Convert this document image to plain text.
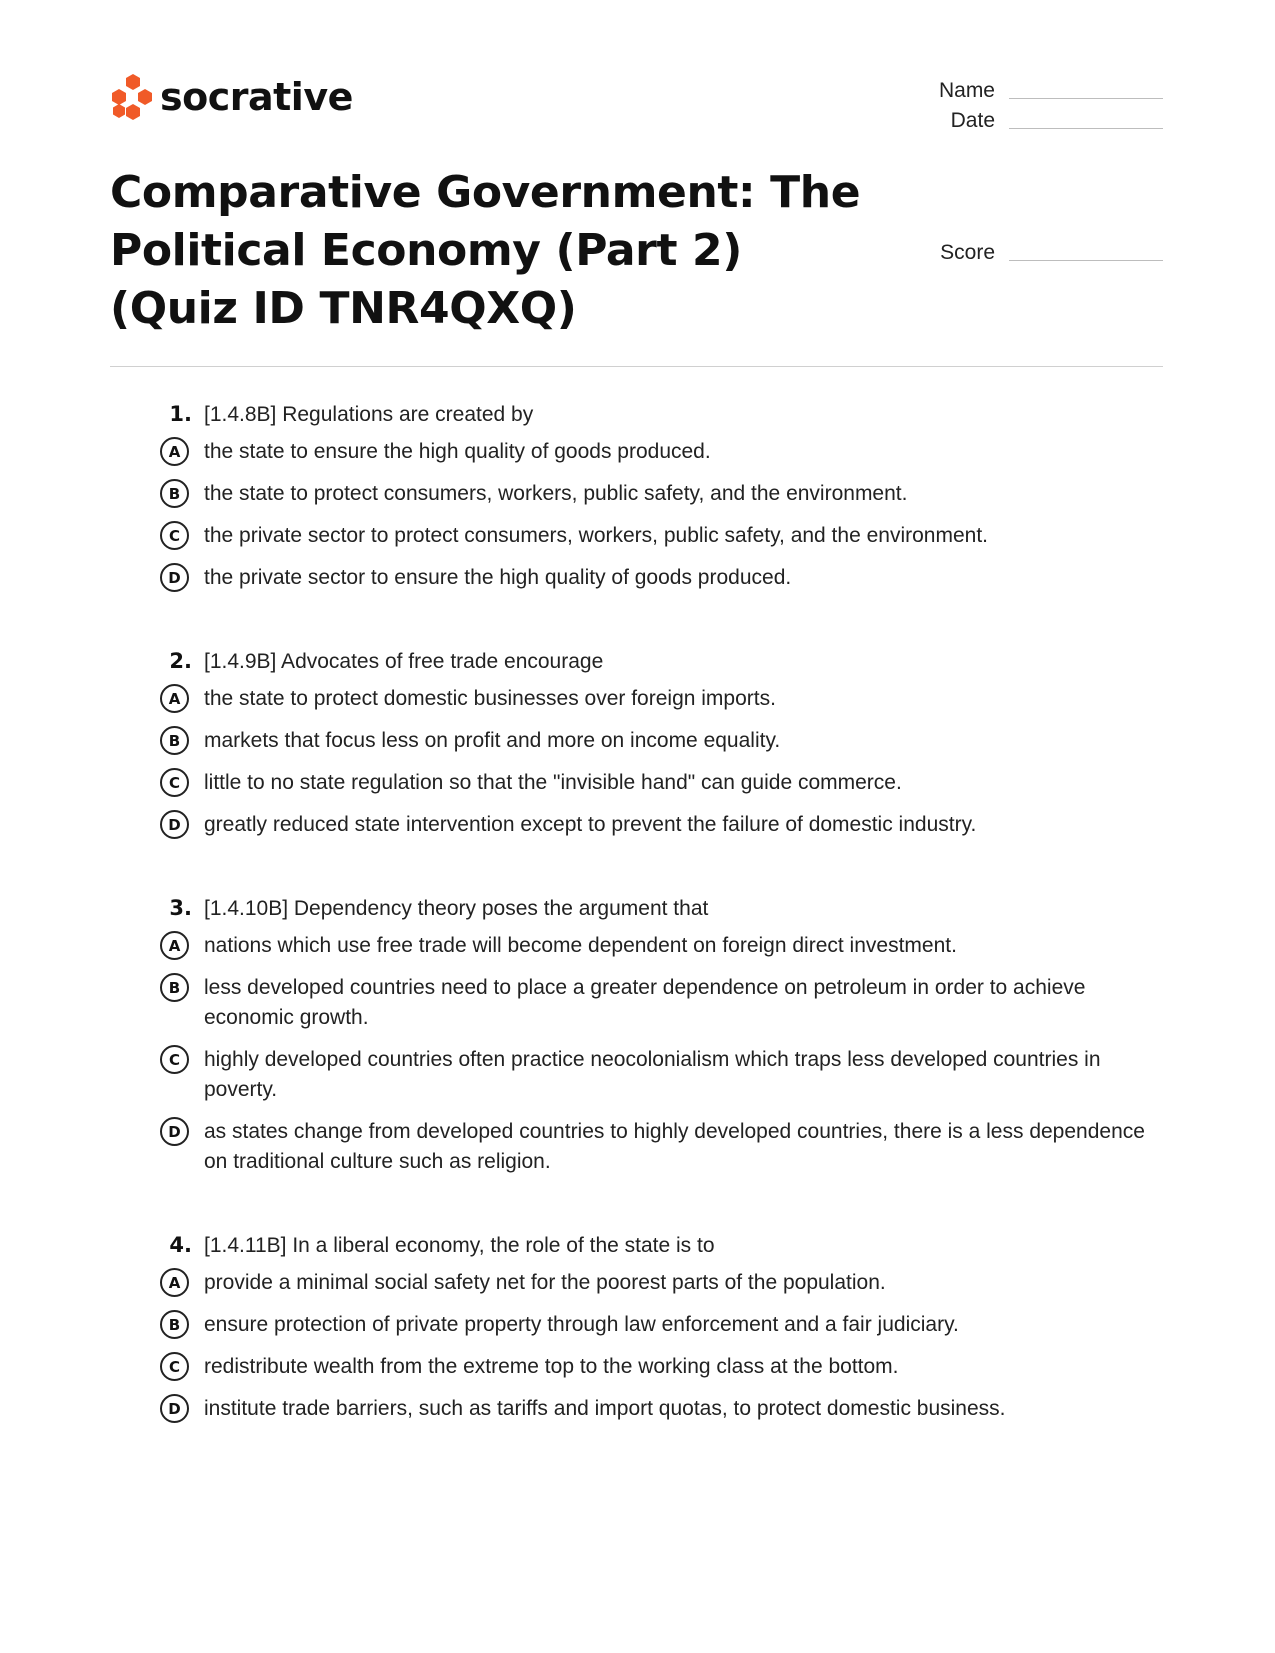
socrative	Name
Date
Score
Comparative Government: The Political Economy (Part 2) (Quiz ID TNR4QXQ)
1. [1.4.8B] Regulations are created by
A	the state to ensure the high quality of goods produced.
B	the state to protect consumers, workers, public safety, and the environment.
C	the private sector to protect consumers, workers, public safety, and the environment.
D	the private sector to ensure the high quality of goods produced.
2. [1.4.9B] Advocates of free trade encourage
A	the state to protect domestic businesses over foreign imports.
B	markets that focus less on profit and more on income equality.
C	little to no state regulation so that the "invisible hand" can guide commerce.
D	greatly reduced state intervention except to prevent the failure of domestic industry.
3. [1.4.10B] Dependency theory poses the argument that
A	nations which use free trade will become dependent on foreign direct investment.
B	less developed countries need to place a greater dependence on petroleum in order to achieve economic growth.
C	highly developed countries often practice neocolonialism which traps less developed countries in poverty.
D	as states change from developed countries to highly developed countries, there is a less dependence on traditional culture such as religion.
4. [1.4.11B] In a liberal economy, the role of the state is to
A	provide a minimal social safety net for the poorest parts of the population.
B	ensure protection of private property through law enforcement and a fair judiciary.
C	redistribute wealth from the extreme top to the working class at the bottom.
D	institute trade barriers, such as tariffs and import quotas, to protect domestic business.
